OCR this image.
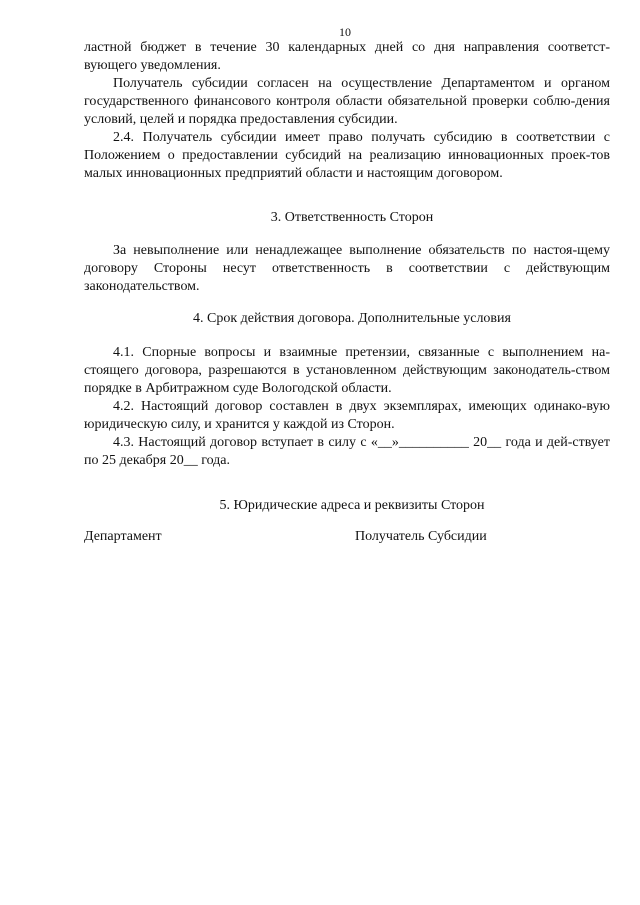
10

ластной бюджет в течение 30 календарных дней со дня направления соответст-вующего уведомления.

Получатель субсидии согласен на осуществление Департаментом и органом государственного финансового контроля области обязательной проверки соблю-дения условий, целей и порядка предоставления субсидии.

2.4. Получатель субсидии имеет право получать субсидию в соответствии с Положением о предоставлении субсидий на реализацию инновационных проек-тов малых инновационных предприятий области и настоящим договором.

3. Ответственность Сторон

За невыполнение или ненадлежащее выполнение обязательств по настоя-щему договору Стороны несут ответственность в соответствии с действующим законодательством.

4. Срок действия договора. Дополнительные условия

4.1. Спорные вопросы и взаимные претензии, связанные с выполнением на-стоящего договора, разрешаются в установленном действующим законодатель-ством порядке в Арбитражном суде Вологодской области.

4.2. Настоящий договор составлен в двух экземплярах, имеющих одинако-вую юридическую силу, и хранится у каждой из Сторон.

4.3. Настоящий договор вступает в силу с «__»__________ 20__ года и дей-ствует по 25 декабря 20__ года.

5. Юридические адреса и реквизиты Сторон

Департамент	Получатель Субсидии
